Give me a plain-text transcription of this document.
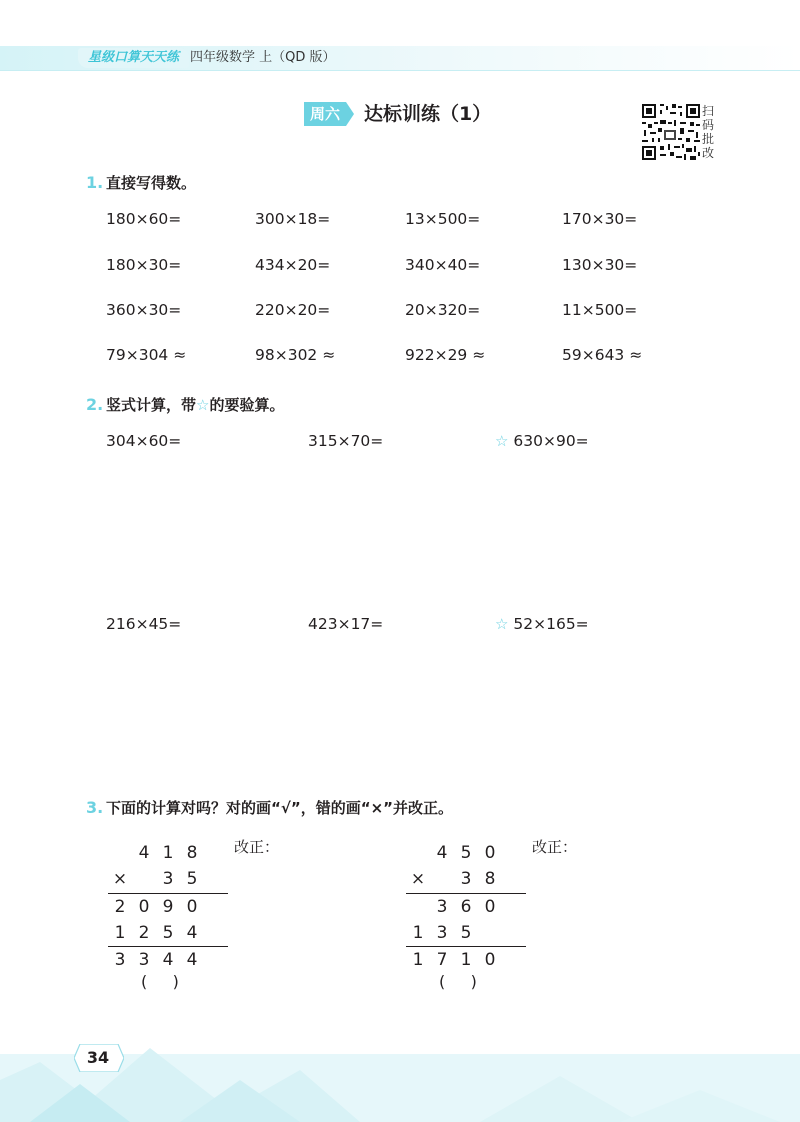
星级口算天天练 四年级数学 上（QD 版）
周六	达标训练（1）	扫码批改
1. 直接写得数。
180×60=	300×18=	13×500=	170×30=
180×30=	434×20=	340×40=	130×30=
360×30=	220×20=	20×320=	11×500=
79×304 ≈	98×302 ≈	922×29 ≈	59×643 ≈
2. 竖式计算，带☆的要验算。
304×60=	315×70=	☆ 630×90=
216×45=	423×17=	☆ 52×165=
3. 下面的计算对吗？对的画“√”，错的画“×”并改正。
4 1 8
×	3 5
2 0 9 0
1 2 5 4
3 3 4 4
改正：
(     )
4 5 0
×	3 8
3 6 0
1 3 5
1 7 1 0
改正：
(     )
34
